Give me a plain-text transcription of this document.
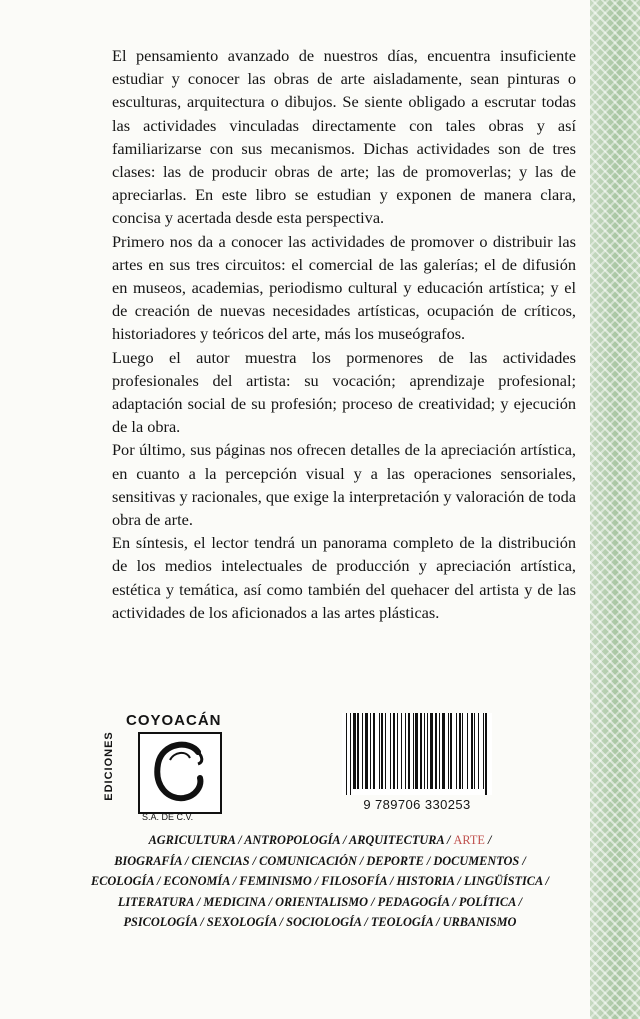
El pensamiento avanzado de nuestros días, encuentra insuficiente estudiar y conocer las obras de arte aisladamente, sean pinturas o esculturas, arquitectura o dibujos. Se siente obligado a escrutar todas las actividades vinculadas directamente con tales obras y así familiarizarse con sus mecanismos. Dichas actividades son de tres clases: las de producir obras de arte; las de promoverlas; y las de apreciarlas. En este libro se estudian y exponen de manera clara, concisa y acertada desde esta perspectiva.

Primero nos da a conocer las actividades de promover o distribuir las artes en sus tres circuitos: el comercial de las galerías; el de difusión en museos, academias, periodismo cultural y educación artística; y el de creación de nuevas necesidades artísticas, ocupación de críticos, historiadores y teóricos del arte, más los museógrafos.

Luego el autor muestra los pormenores de las actividades profesionales del artista: su vocación; aprendizaje profesional; adaptación social de su profesión; proceso de creatividad; y ejecución de la obra.

Por último, sus páginas nos ofrecen detalles de la apreciación artística, en cuanto a la percepción visual y a las operaciones sensoriales, sensitivas y racionales, que exige la interpretación y valoración de toda obra de arte.

En síntesis, el lector tendrá un panorama completo de la distribución de los medios intelectuales de producción y apreciación artística, estética y temática, así como también del quehacer del artista y de las actividades de los aficionados a las artes plásticas.

EDICIONES
COYOACÁN
S.A. DE C.V.
9 789706 330253
AGRICULTURA / ANTROPOLOGÍA / ARQUITECTURA / ARTE /
BIOGRAFÍA / CIENCIAS / COMUNICACIÓN / DEPORTE / DOCUMENTOS /
ECOLOGÍA / ECONOMÍA / FEMINISMO / FILOSOFÍA / HISTORIA / LINGÜÍSTICA /
LITERATURA / MEDICINA / ORIENTALISMO / PEDAGOGÍA / POLÍTICA /
PSICOLOGÍA / SEXOLOGÍA / SOCIOLOGÍA / TEOLOGÍA / URBANISMO
